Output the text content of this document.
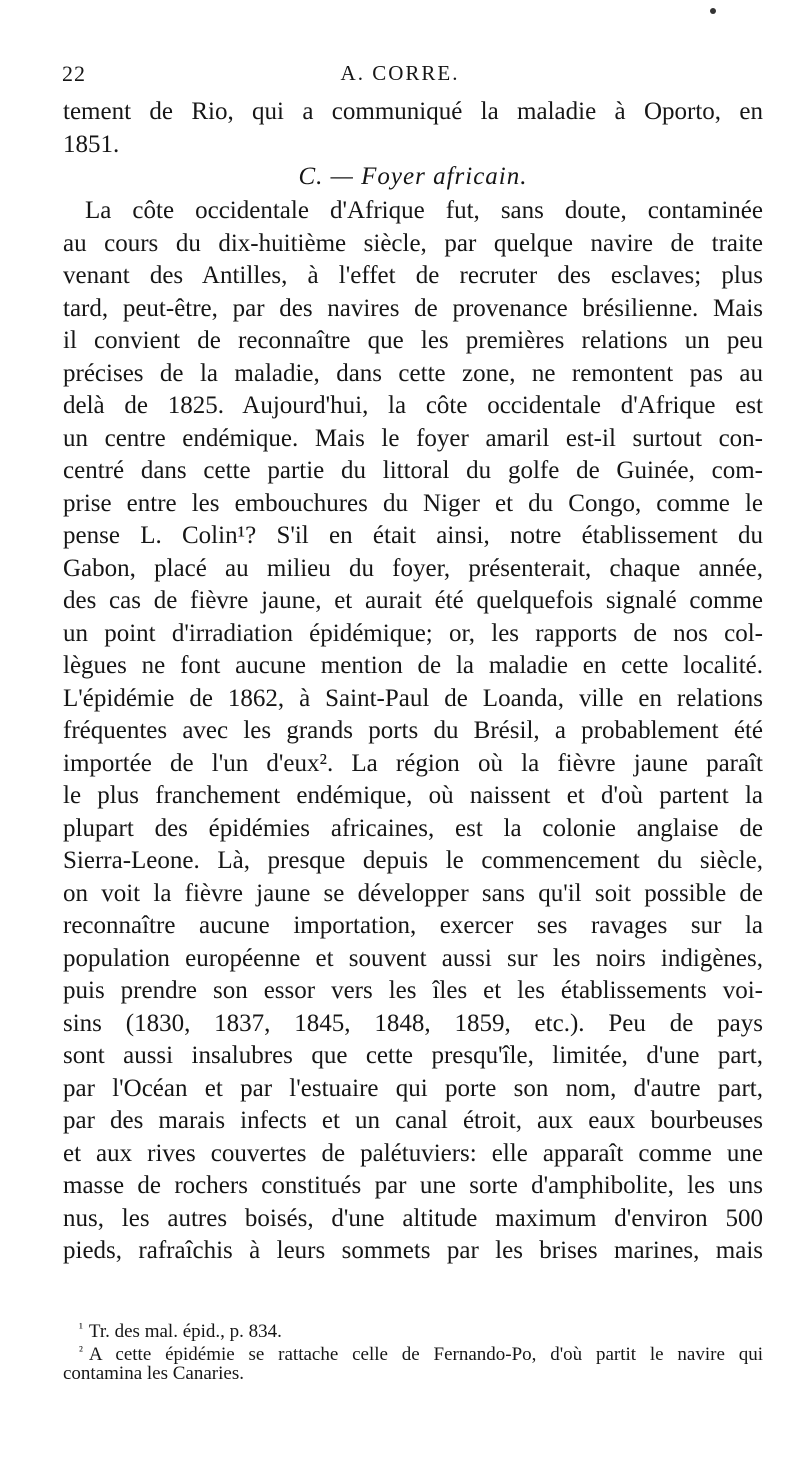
22	A. CORRE.
tement de Rio, qui a communiqué la maladie à Oporto, en
1851.
C. — Foyer africain.
La côte occidentale d'Afrique fut, sans doute, contaminée
au cours du dix-huitième siècle, par quelque navire de traite
venant des Antilles, à l'effet de recruter des esclaves; plus
tard, peut-être, par des navires de provenance brésilienne. Mais
il convient de reconnaître que les premières relations un peu
précises de la maladie, dans cette zone, ne remontent pas au
delà de 1825. Aujourd'hui, la côte occidentale d'Afrique est
un centre endémique. Mais le foyer amaril est-il surtout con-
centré dans cette partie du littoral du golfe de Guinée, com-
prise entre les embouchures du Niger et du Congo, comme le
pense L. Colin¹? S'il en était ainsi, notre établissement du
Gabon, placé au milieu du foyer, présenterait, chaque année,
des cas de fièvre jaune, et aurait été quelquefois signalé comme
un point d'irradiation épidémique; or, les rapports de nos col-
lègues ne font aucune mention de la maladie en cette localité.
L'épidémie de 1862, à Saint-Paul de Loanda, ville en relations
fréquentes avec les grands ports du Brésil, a probablement été
importée de l'un d'eux². La région où la fièvre jaune paraît
le plus franchement endémique, où naissent et d'où partent la
plupart des épidémies africaines, est la colonie anglaise de
Sierra-Leone. Là, presque depuis le commencement du siècle,
on voit la fièvre jaune se développer sans qu'il soit possible de
reconnaître aucune importation, exercer ses ravages sur la
population européenne et souvent aussi sur les noirs indigènes,
puis prendre son essor vers les îles et les établissements voi-
sins (1830, 1837, 1845, 1848, 1859, etc.). Peu de pays
sont aussi insalubres que cette presqu'île, limitée, d'une part,
par l'Océan et par l'estuaire qui porte son nom, d'autre part,
par des marais infects et un canal étroit, aux eaux bourbeuses
et aux rives couvertes de palétuviers: elle apparaît comme une
masse de rochers constitués par une sorte d'amphibolite, les uns
nus, les autres boisés, d'une altitude maximum d'environ 500
pieds, rafraîchis à leurs sommets par les brises marines, mais
$^{^1}$ Tr. des mal. épid., p. 834.
$^{^2}$ A cette épidémie se rattache celle de Fernando-Po, d'où partit le navire qui
contamina les Canaries.
